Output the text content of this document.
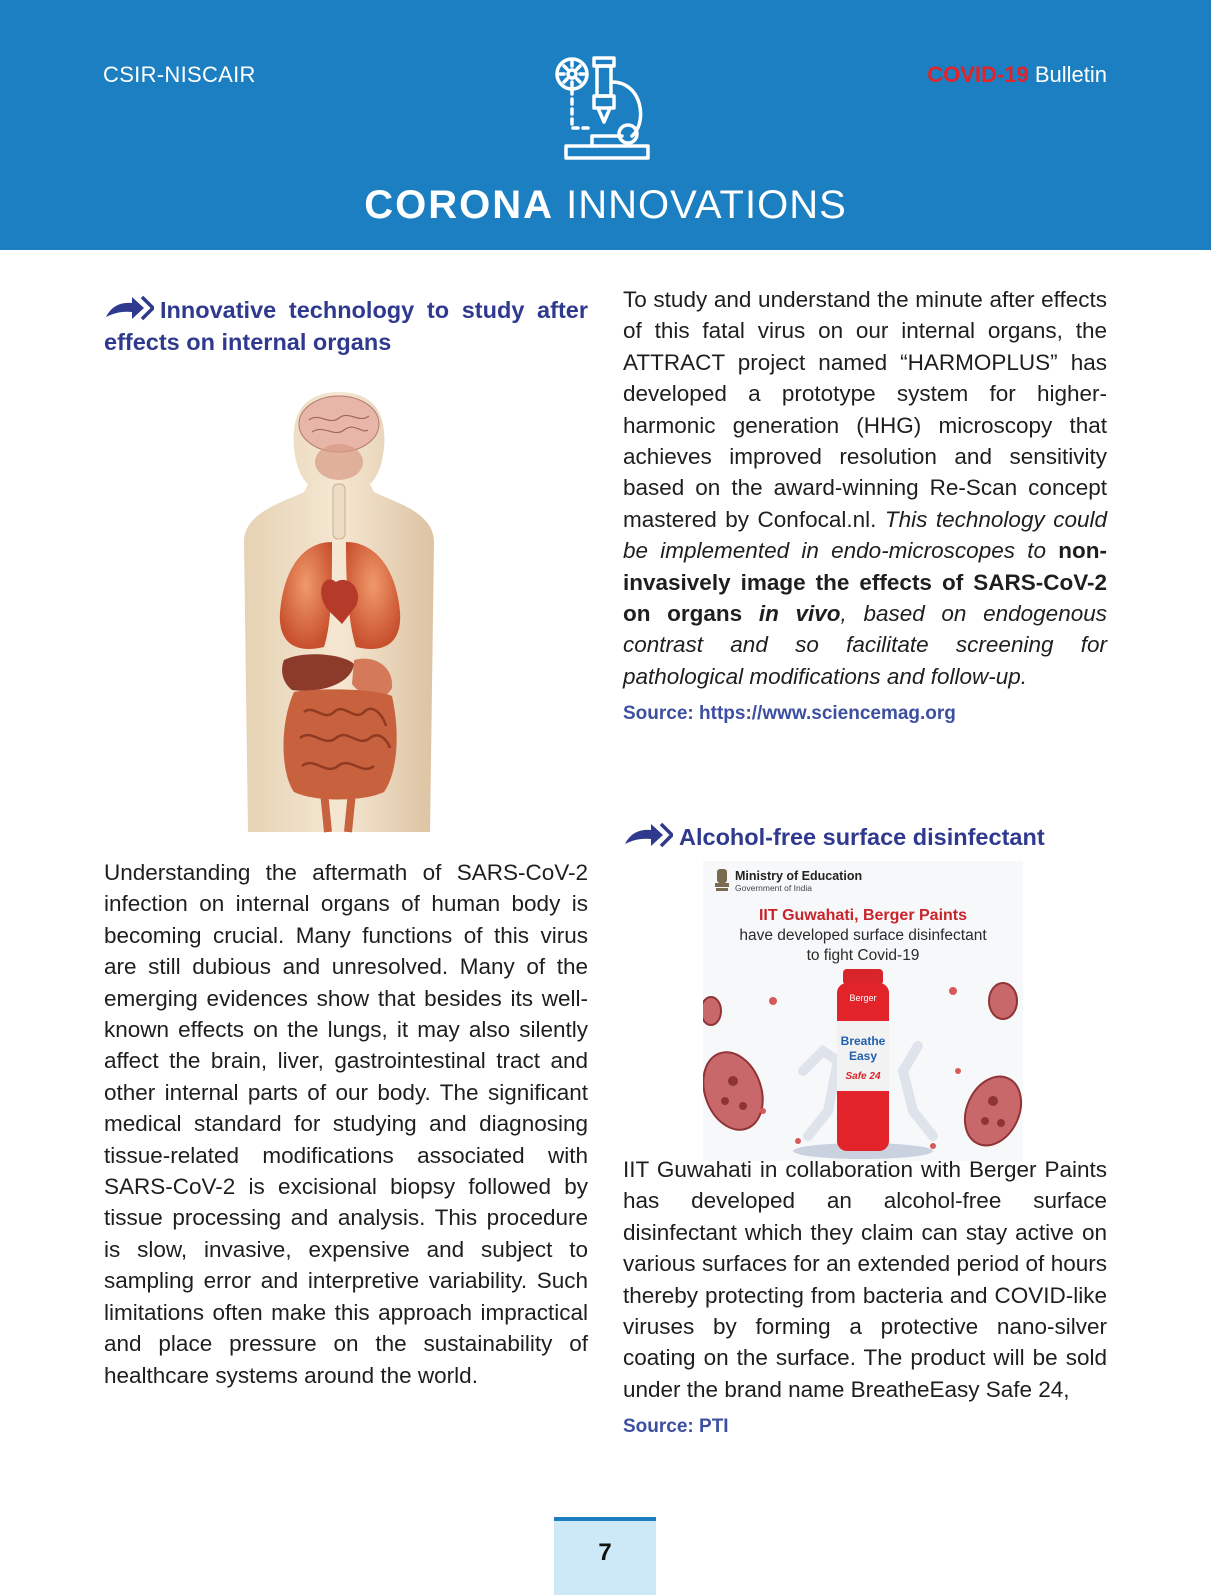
CSIR-NISCAIR	COVID-19 Bulletin
CORONA INNOVATIONS
Innovative technology to study after effects on internal organs
Understanding the aftermath of SARS-CoV-2 infection on internal organs of human body is becoming crucial. Many functions of this virus are still dubious and unresolved. Many of the emerging evidences show that besides its well-known effects on the lungs, it may also silently affect the brain, liver, gastrointestinal tract and other internal parts of our body. The significant medical standard for studying and diagnosing tissue-related modifications associated with SARS-CoV-2 is excisional biopsy followed by tissue processing and analysis. This procedure is slow, invasive, expensive and subject to sampling error and interpretive variability. Such limitations often make this approach impractical and place pressure on the sustainability of healthcare systems around the world.

To study and understand the minute after effects of this fatal virus on our internal organs, the ATTRACT project named “HARMOPLUS” has developed a prototype system for higher-harmonic generation (HHG) microscopy that achieves improved resolution and sensitivity based on the award-winning Re-Scan concept mastered by Confocal.nl. This technology could be implemented in endo-microscopes to non-invasively image the effects of SARS-CoV-2 on organs in vivo, based on endogenous contrast and so facilitate screening for pathological modifications and follow-up.

Source: https://www.sciencemag.org
Alcohol-free surface disinfectant
Ministry of Education
Government of India
IIT Guwahati, Berger Paints
have developed surface disinfectant
to fight Covid-19
Berger
Breathe
Easy
Safe 24

IIT Guwahati in collaboration with Berger Paints has developed an alcohol-free surface disinfectant which they claim can stay active on various surfaces for an extended period of hours thereby protecting from bacteria and COVID-like viruses by forming a protective nano-silver coating on the surface. The product will be sold under the brand name BreatheEasy Safe 24,

Source: PTI
7
